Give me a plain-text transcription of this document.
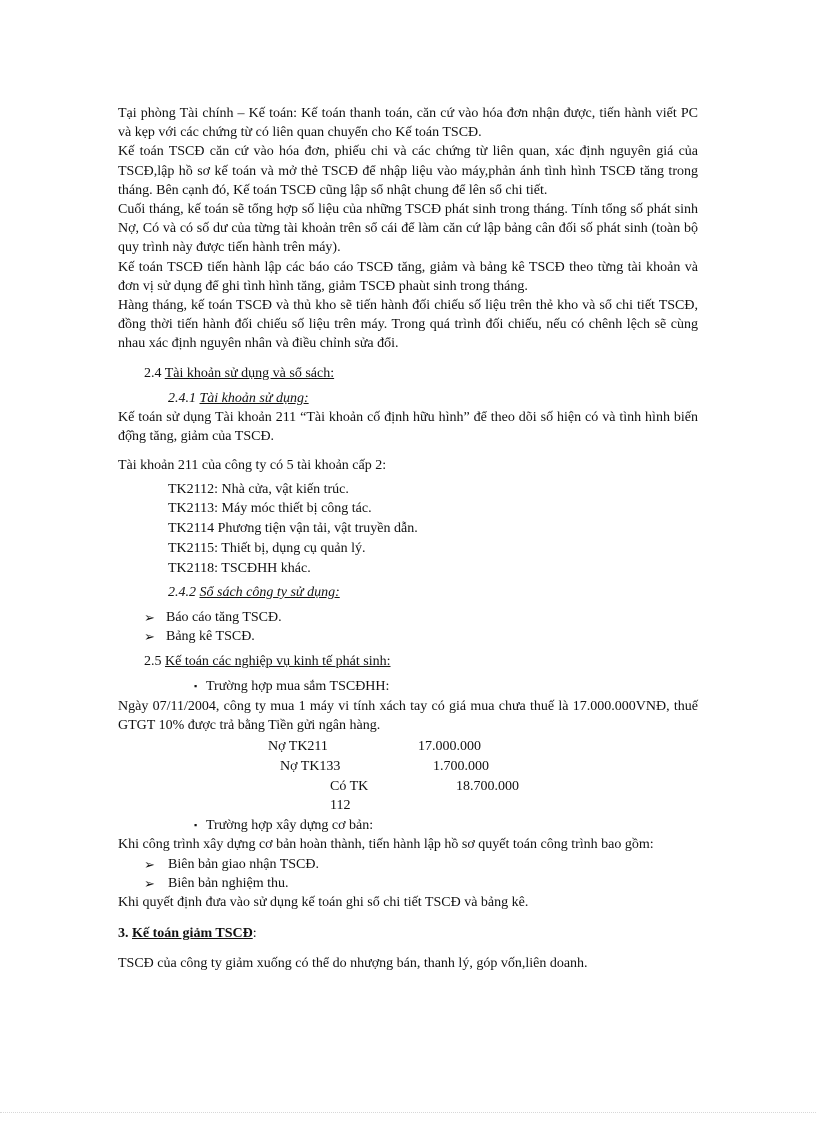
Tại phòng Tài chính – Kế toán: Kế toán thanh toán, căn cứ vào hóa đơn nhận được, tiến hành viết PC và kẹp với các chứng từ có liên quan chuyển cho Kế toán TSCĐ.

Kế toán TSCĐ căn cứ vào hóa đơn, phiếu chi và các chứng từ liên quan, xác định nguyên giá của TSCĐ,lập hồ sơ kế toán và mở thẻ TSCĐ để nhập liệu vào máy,phản ánh tình hình TSCĐ tăng trong tháng. Bên cạnh đó, Kế toán TSCĐ cũng lập sổ nhật chung để lên sổ chi tiết.

Cuối tháng, kế toán sẽ tổng hợp số liệu của những TSCĐ phát sinh trong tháng. Tính tổng số phát sinh Nợ, Có và có số dư của từng tài khoản trên sổ cái để làm căn cứ lập bảng cân đối số phát sinh (toàn bộ quy trình này được tiến hành trên máy).

Kế toán TSCĐ tiến hành lập các báo cáo TSCĐ tăng, giảm và bảng kê TSCĐ theo từng tài khoản và đơn vị sử dụng để ghi tình hình tăng, giảm TSCĐ phaùt sinh trong tháng.

Hàng tháng, kế toán TSCĐ và thủ kho sẽ tiến hành đối chiếu số liệu trên thẻ kho và sổ chi tiết TSCĐ, đồng thời tiến hành đối chiếu số liệu trên máy. Trong quá trình đối chiếu, nếu có chênh lệch sẽ cùng nhau xác định nguyên nhân và điều chỉnh sửa đổi.

2.4 Tài khoản sử dụng và sổ sách:

2.4.1 Tài khoản sử dụng:

Kế toán sử dụng Tài khoản 211 “Tài khoản cố định hữu hình” để theo dõi số hiện có và tình hình biến độ̂ng tăng, giảm của TSCĐ.

Tài khoản 211 của công ty có 5 tài khoản cấp 2:

TK2112: Nhà cửa, vật kiến trúc.
TK2113: Máy móc thiết bị công tác.
TK2114 Phương tiện vận tải, vật truyền dẫn.
TK2115: Thiết bị, dụng cụ quản lý.
TK2118: TSCĐHH khác.

2.4.2 Sổ sách công ty sử dụng:

➢ Báo cáo tăng TSCĐ.
➢ Bảng kê TSCĐ.

2.5 Kế toán các nghiệp vụ kinh tế phát sinh:

▪ Trường hợp mua sắm TSCĐHH:

Ngày 07/11/2004, công ty mua 1 máy vi tính xách tay có giá mua chưa thuế là 17.000.000VNĐ, thuế GTGT 10% được trả bằng Tiền gửi ngân hàng.

Nợ TK211	17.000.000
Nợ TK133	1.700.000
Có TK 112
18.700.000
▪ Trường hợp xây dựng cơ bản:

Khi công trình xây dựng cơ bản hoàn thành, tiến hành lập hồ sơ quyết toán công trình bao gồm:

➢ Biên bản giao nhận TSCĐ.
➢ Biên bản nghiệm thu.

Khi quyết định đưa vào sử dụng kế toán ghi sổ chi tiết TSCĐ và bảng kê.

3. Kế toán giảm TSCĐ:

TSCĐ của công ty giảm xuống có thể do nhượng bán, thanh lý, góp vốn,liên doanh.
